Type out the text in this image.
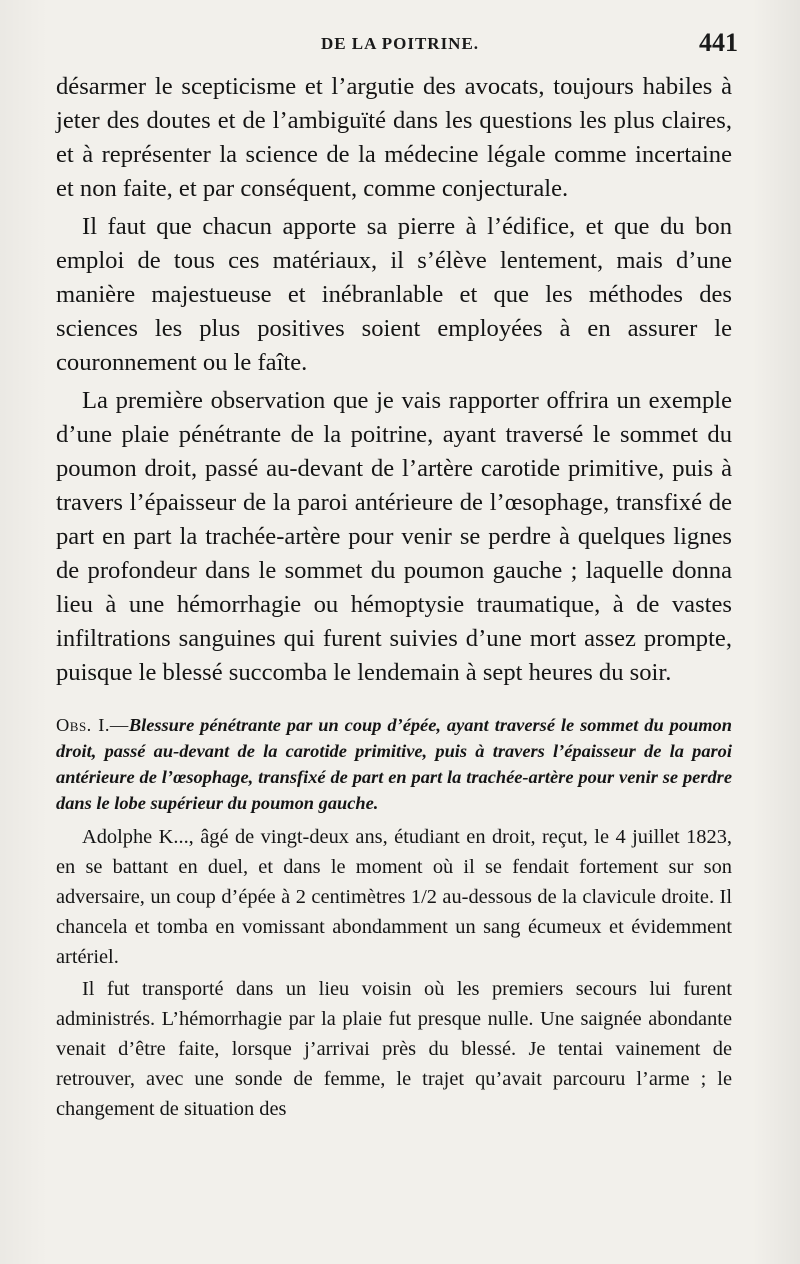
DE LA POITRINE.	441

désarmer le scepticisme et l’argutie des avocats, toujours habiles à jeter des doutes et de l’ambiguïté dans les questions les plus claires, et à représenter la science de la médecine légale comme incertaine et non faite, et par conséquent, comme conjecturale.

Il faut que chacun apporte sa pierre à l’édifice, et que du bon emploi de tous ces matériaux, il s’élève lentement, mais d’une manière majestueuse et inébranlable et que les méthodes des sciences les plus positives soient employées à en assurer le couronnement ou le faîte.

La première observation que je vais rapporter offrira un exemple d’une plaie pénétrante de la poitrine, ayant traversé le sommet du poumon droit, passé au-devant de l’artère carotide primitive, puis à travers l’épaisseur de la paroi antérieure de l’œsophage, transfixé de part en part la trachée-artère pour venir se perdre à quelques lignes de profondeur dans le sommet du poumon gauche ; laquelle donna lieu à une hémorrhagie ou hémoptysie traumatique, à de vastes infiltrations sanguines qui furent suivies d’une mort assez prompte, puisque le blessé succomba le lendemain à sept heures du soir.

Obs. I.—Blessure pénétrante par un coup d’épée, ayant traversé le sommet du poumon droit, passé au-devant de la carotide primitive, puis à travers l’épaisseur de la paroi antérieure de l’œsophage, transfixé de part en part la trachée-artère pour venir se perdre dans le lobe supérieur du poumon gauche.

Adolphe K..., âgé de vingt-deux ans, étudiant en droit, reçut, le 4 juillet 1823, en se battant en duel, et dans le moment où il se fendait fortement sur son adversaire, un coup d’épée à 2 centimètres 1/2 au-dessous de la clavicule droite. Il chancela et tomba en vomissant abondamment un sang écumeux et évidemment artériel.

Il fut transporté dans un lieu voisin où les premiers secours lui furent administrés. L’hémorrhagie par la plaie fut presque nulle. Une saignée abondante venait d’être faite, lorsque j’arrivai près du blessé. Je tentai vainement de retrouver, avec une sonde de femme, le trajet qu’avait parcouru l’arme ; le changement de situation des
